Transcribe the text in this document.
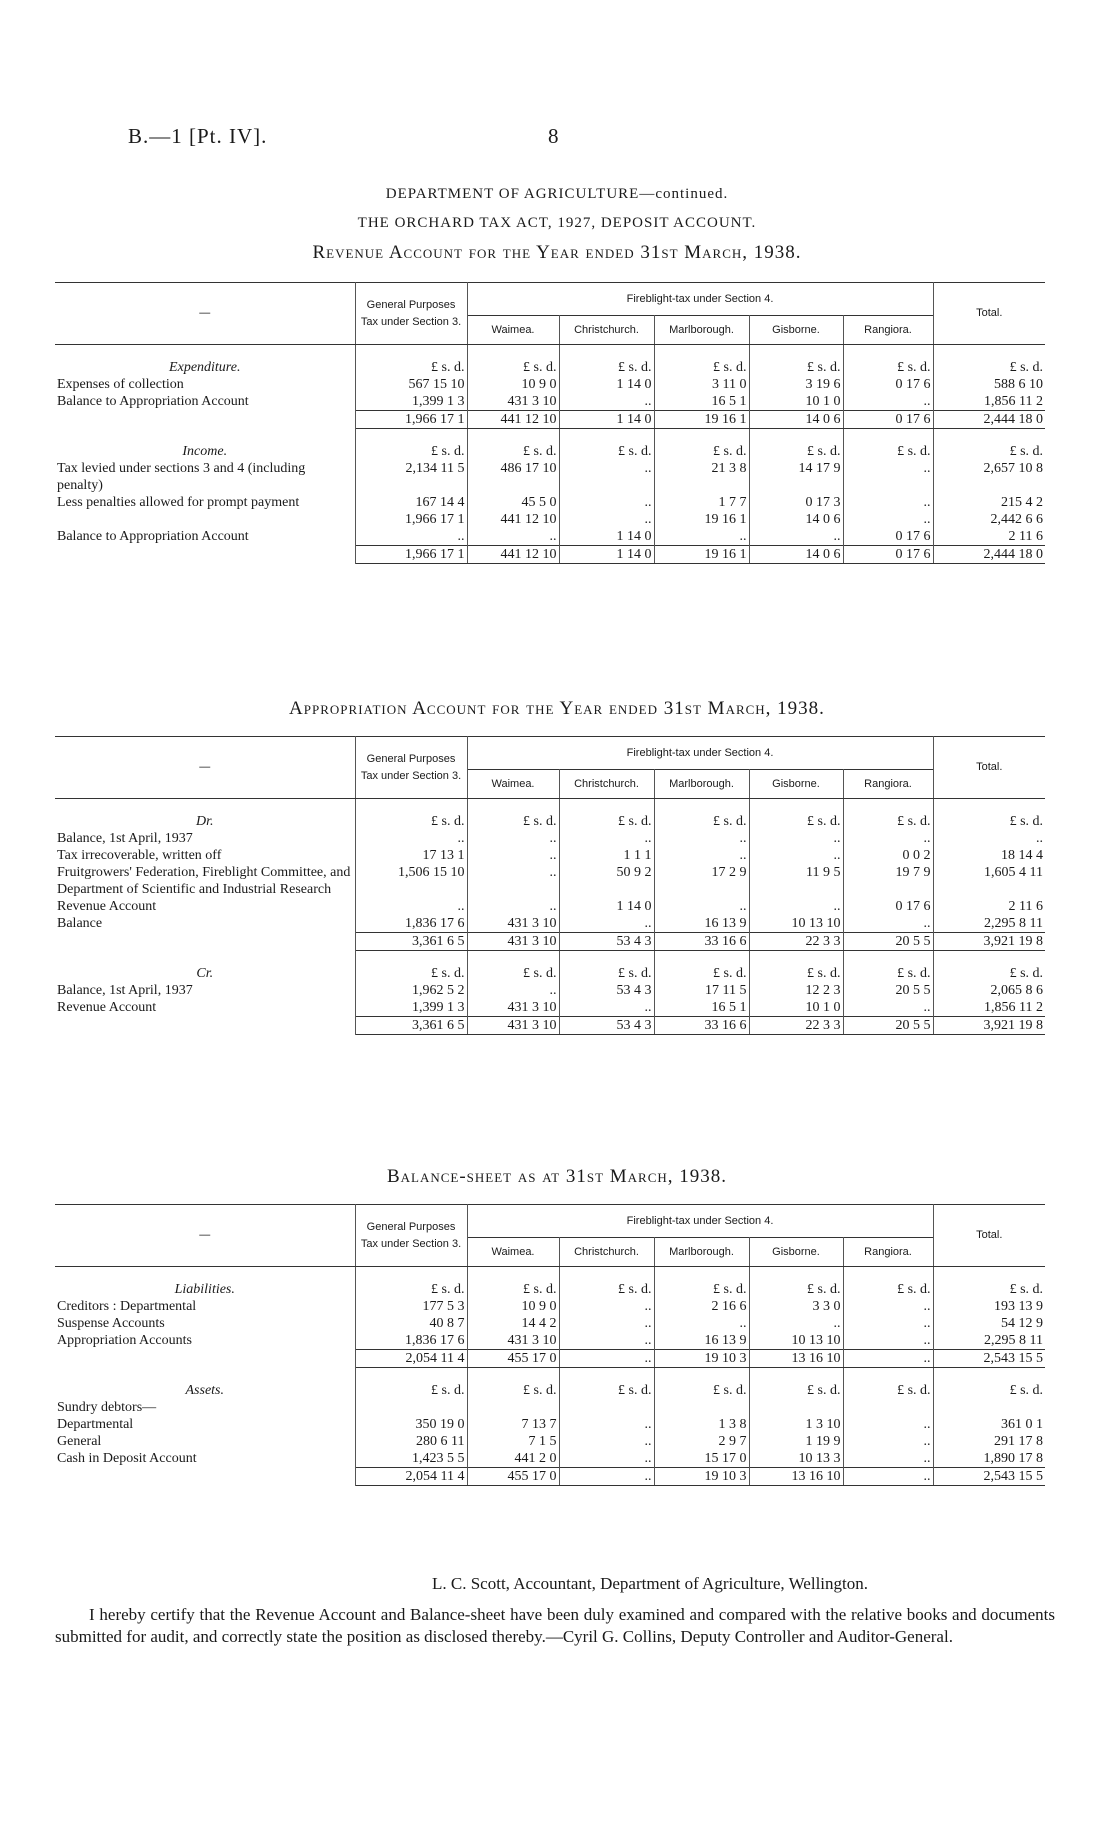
B.—1 [Pt. IV].	8
DEPARTMENT OF AGRICULTURE—continued.
THE ORCHARD TAX ACT, 1927, DEPOSIT ACCOUNT.
Revenue Account for the Year ended 31st March, 1938.
—	General Purposes Tax under Section 3.	Fireblight-tax under Section 4.					Total.
		Waimea.	Christchurch.	Marlborough.	Gisborne.	Rangiora.	
Expenditure.	£ s. d.	£ s. d.	£ s. d.	£ s. d.	£ s. d.	£ s. d.	£ s. d.
Expenses of collection	567 15 10	10 9 0	1 14 0	3 11 0	3 19 6	0 17 6	588 6 10
Balance to Appropriation Account	1,399 1 3	431 3 10	..	16 5 1	10 1 0	..	1,856 11 2
	1,966 17 1	441 12 10	1 14 0	19 16 1	14 0 6	0 17 6	2,444 18 0
Income.	£ s. d.	£ s. d.	£ s. d.	£ s. d.	£ s. d.	£ s. d.	£ s. d.
Tax levied under sections 3 and 4 (including penalty)	2,134 11 5	486 17 10	..	21 3 8	14 17 9	..	2,657 10 8
Less penalties allowed for prompt payment	167 14 4	45 5 0	..	1 7 7	0 17 3	..	215 4 2
	1,966 17 1	441 12 10	..	19 16 1	14 0 6	..	2,442 6 6
Balance to Appropriation Account	..	..	1 14 0	..	..	0 17 6	2 11 6
	1,966 17 1	441 12 10	1 14 0	19 16 1	14 0 6	0 17 6	2,444 18 0
Appropriation Account for the Year ended 31st March, 1938.
—	General Purposes Tax under Section 3.	Fireblight-tax under Section 4.					Total.
		Waimea.	Christchurch.	Marlborough.	Gisborne.	Rangiora.	
Dr.	£ s. d.	£ s. d.	£ s. d.	£ s. d.	£ s. d.	£ s. d.	£ s. d.
Balance, 1st April, 1937	..	..	..	..	..	..	..
Tax irrecoverable, written off	17 13 1	..	1 1 1	..	..	0 0 2	18 14 4
Fruitgrowers' Federation, Fireblight Committee, and Department of Scientific and Industrial Research	1,506 15 10	..	50 9 2	17 2 9	11 9 5	19 7 9	1,605 4 11
Revenue Account	..	..	1 14 0	..	..	0 17 6	2 11 6
Balance	1,836 17 6	431 3 10	..	16 13 9	10 13 10	..	2,295 8 11
	3,361 6 5	431 3 10	53 4 3	33 16 6	22 3 3	20 5 5	3,921 19 8
Cr.	£ s. d.	£ s. d.	£ s. d.	£ s. d.	£ s. d.	£ s. d.	£ s. d.
Balance, 1st April, 1937	1,962 5 2	..	53 4 3	17 11 5	12 2 3	20 5 5	2,065 8 6
Revenue Account	1,399 1 3	431 3 10	..	16 5 1	10 1 0	..	1,856 11 2
	3,361 6 5	431 3 10	53 4 3	33 16 6	22 3 3	20 5 5	3,921 19 8
Balance-sheet as at 31st March, 1938.
—	General Purposes Tax under Section 3.	Fireblight-tax under Section 4.					Total.
		Waimea.	Christchurch.	Marlborough.	Gisborne.	Rangiora.	
Liabilities.	£ s. d.	£ s. d.	£ s. d.	£ s. d.	£ s. d.	£ s. d.	£ s. d.
Creditors : Departmental	177 5 3	10 9 0	..	2 16 6	3 3 0	..	193 13 9
Suspense Accounts	40 8 7	14 4 2	..	..	..	..	54 12 9
Appropriation Accounts	1,836 17 6	431 3 10	..	16 13 9	10 13 10	..	2,295 8 11
	2,054 11 4	455 17 0	..	19 10 3	13 16 10	..	2,543 15 5
Assets.	£ s. d.	£ s. d.	£ s. d.	£ s. d.	£ s. d.	£ s. d.	£ s. d.
Sundry debtors—							
Departmental	350 19 0	7 13 7	..	1 3 8	1 3 10	..	361 0 1
General	280 6 11	7 1 5	..	2 9 7	1 19 9	..	291 17 8
Cash in Deposit Account	1,423 5 5	441 2 0	..	15 17 0	10 13 3	..	1,890 17 8
	2,054 11 4	455 17 0	..	19 10 3	13 16 10	..	2,543 15 5
L. C. Scott, Accountant, Department of Agriculture, Wellington.
I hereby certify that the Revenue Account and Balance-sheet have been duly examined and compared with the relative books and documents submitted for audit, and correctly state the position as disclosed thereby.—Cyril G. Collins, Deputy Controller and Auditor-General.
